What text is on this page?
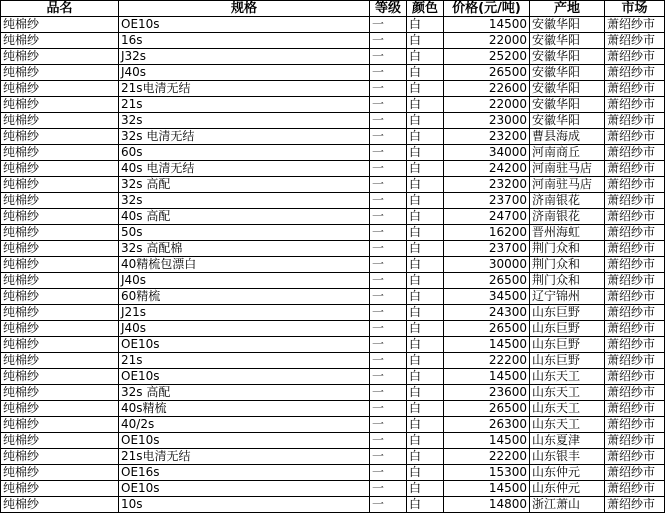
品名	规格	等级	颜色	价格(元/吨)	产地	市场
纯棉纱	OE10s	一	白	14500	安徽华阳	萧绍纱市
纯棉纱	16s	一	白	22000	安徽华阳	萧绍纱市
纯棉纱	J32s	一	白	25200	安徽华阳	萧绍纱市
纯棉纱	J40s	一	白	26500	安徽华阳	萧绍纱市
纯棉纱	21s电清无结	一	白	22600	安徽华阳	萧绍纱市
纯棉纱	21s	一	白	22000	安徽华阳	萧绍纱市
纯棉纱	32s	一	白	23000	安徽华阳	萧绍纱市
纯棉纱	32s 电清无结	一	白	23200	曹县海成	萧绍纱市
纯棉纱	60s	一	白	34000	河南商丘	萧绍纱市
纯棉纱	40s 电清无结	一	白	24200	河南驻马店	萧绍纱市
纯棉纱	32s 高配	一	白	23200	河南驻马店	萧绍纱市
纯棉纱	32s	一	白	23700	济南银花	萧绍纱市
纯棉纱	40s 高配	一	白	24700	济南银花	萧绍纱市
纯棉纱	50s	一	白	16200	晋州海虹	萧绍纱市
纯棉纱	32s 高配棉	一	白	23700	荆门众和	萧绍纱市
纯棉纱	40精梳包漂白	一	白	30000	荆门众和	萧绍纱市
纯棉纱	J40s	一	白	26500	荆门众和	萧绍纱市
纯棉纱	60精梳	一	白	34500	辽宁锦州	萧绍纱市
纯棉纱	J21s	一	白	24300	山东巨野	萧绍纱市
纯棉纱	J40s	一	白	26500	山东巨野	萧绍纱市
纯棉纱	OE10s	一	白	14500	山东巨野	萧绍纱市
纯棉纱	21s	一	白	22200	山东巨野	萧绍纱市
纯棉纱	OE10s	一	白	14500	山东天工	萧绍纱市
纯棉纱	32s 高配	一	白	23600	山东天工	萧绍纱市
纯棉纱	40s精梳	一	白	26500	山东天工	萧绍纱市
纯棉纱	40/2s	一	白	26300	山东天工	萧绍纱市
纯棉纱	OE10s	一	白	14500	山东夏津	萧绍纱市
纯棉纱	21s电清无结	一	白	22200	山东银丰	萧绍纱市
纯棉纱	OE16s	一	白	15300	山东仲元	萧绍纱市
纯棉纱	OE10s	一	白	14500	山东仲元	萧绍纱市
纯棉纱	10s	一	白	14800	浙江萧山	萧绍纱市
